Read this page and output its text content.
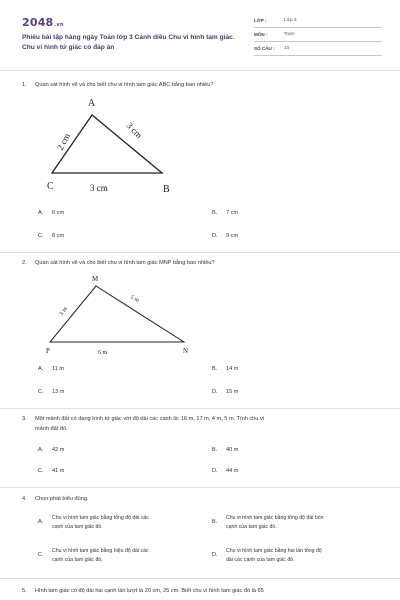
2048.vn
Phiếu bài tập hàng ngày Toán lớp 3 Cánh diều Chu vi hình tam giác. Chu vi hình tứ giác có đáp án
LỚP :	Lớp 3
MÔN :	Toán
SỐ CÂU :	10
1. Quan sát hình vẽ và cho biết chu vi hình tam giác ABC bằng bao nhiêu?
A
C	B
2 cm
3 cm
3 cm
A. 6 cm	B. 7 cm
C. 8 cm	D. 9 cm
2. Quan sát hình vẽ và cho biết chu vi hình tam giác MNP bằng bao nhiêu?
M
P	N
3 m
5 m
6 m
A. 11 m	B. 14 m
C. 13 m	D. 15 m
3. Một mảnh đất có dạng hình tứ giác với độ dài các cạnh là: 16 m, 17 m, 4 m, 5 m. Tính chu vi
mảnh đất đó.
A. 42 m	B. 40 m
C. 41 m	D. 44 m
4. Chọn phát biểu đúng.
A.
Chu vi hình tam giác bằng tổng độ dài các
cạnh của tam giác đó.
B.
Chu vi hình tam giác bằng tổng độ dài bốn
cạnh của tam giác đó.
C.
Chu vi hình tam giác bằng hiệu độ dài các
cạnh của tam giác đó.
D.
Chu vi hình tam giác bằng hai lần tổng độ
dài các cạnh của tam giác đó.
5. Hình tam giác có độ dài hai cạnh lần lượt là 20 cm, 25 cm. Biết chu vi hình tam giác đó là 65
